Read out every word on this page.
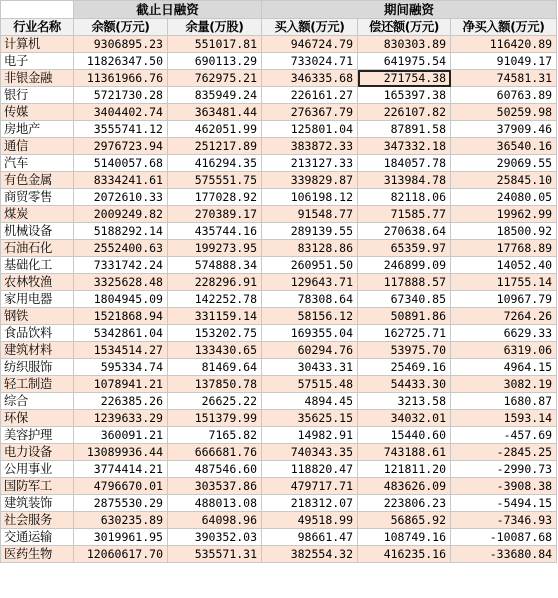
	截止日融资		期间融资		
行业名称	余额(万元)	余量(万股)	买入额(万元)	偿还额(万元)	净买入额(万元)
计算机	9306895.23	551017.81	946724.79	830303.89	116420.89
电子	11826347.50	690113.29	733024.71	641975.54	91049.17
非银金融	11361966.76	762975.21	346335.68	271754.38	74581.31
银行	5721730.28	835949.24	226161.27	165397.38	60763.89
传媒	3404402.74	363481.44	276367.79	226107.82	50259.98
房地产	3555741.12	462051.99	125801.04	87891.58	37909.46
通信	2976723.94	251217.89	383872.33	347332.18	36540.16
汽车	5140057.68	416294.35	213127.33	184057.78	29069.55
有色金属	8334241.61	575551.75	339829.87	313984.78	25845.10
商贸零售	2072610.33	177028.92	106198.12	82118.06	24080.05
煤炭	2009249.82	270389.17	91548.77	71585.77	19962.99
机械设备	5188292.14	435744.16	289139.55	270638.64	18500.92
石油石化	2552400.63	199273.95	83128.86	65359.97	17768.89
基础化工	7331742.24	574888.34	260951.50	246899.09	14052.40
农林牧渔	3325628.48	228296.91	129643.71	117888.57	11755.14
家用电器	1804945.09	142252.78	78308.64	67340.85	10967.79
钢铁	1521868.94	331159.14	58156.12	50891.86	7264.26
食品饮料	5342861.04	153202.75	169355.04	162725.71	6629.33
建筑材料	1534514.27	133430.65	60294.76	53975.70	6319.06
纺织服饰	595334.74	81469.64	30433.31	25469.16	4964.15
轻工制造	1078941.21	137850.78	57515.48	54433.30	3082.19
综合	226385.26	26625.22	4894.45	3213.58	1680.87
环保	1239633.29	151379.99	35625.15	34032.01	1593.14
美容护理	360091.21	7165.82	14982.91	15440.60	-457.69
电力设备	13089936.44	666681.76	740343.35	743188.61	-2845.25
公用事业	3774414.21	487546.60	118820.47	121811.20	-2990.73
国防军工	4796670.01	303537.86	479717.71	483626.09	-3908.38
建筑装饰	2875530.29	488013.08	218312.07	223806.23	-5494.15
社会服务	630235.89	64098.96	49518.99	56865.92	-7346.93
交通运输	3019961.95	390352.03	98661.47	108749.16	-10087.68
医药生物	12060617.70	535571.31	382554.32	416235.16	-33680.84
